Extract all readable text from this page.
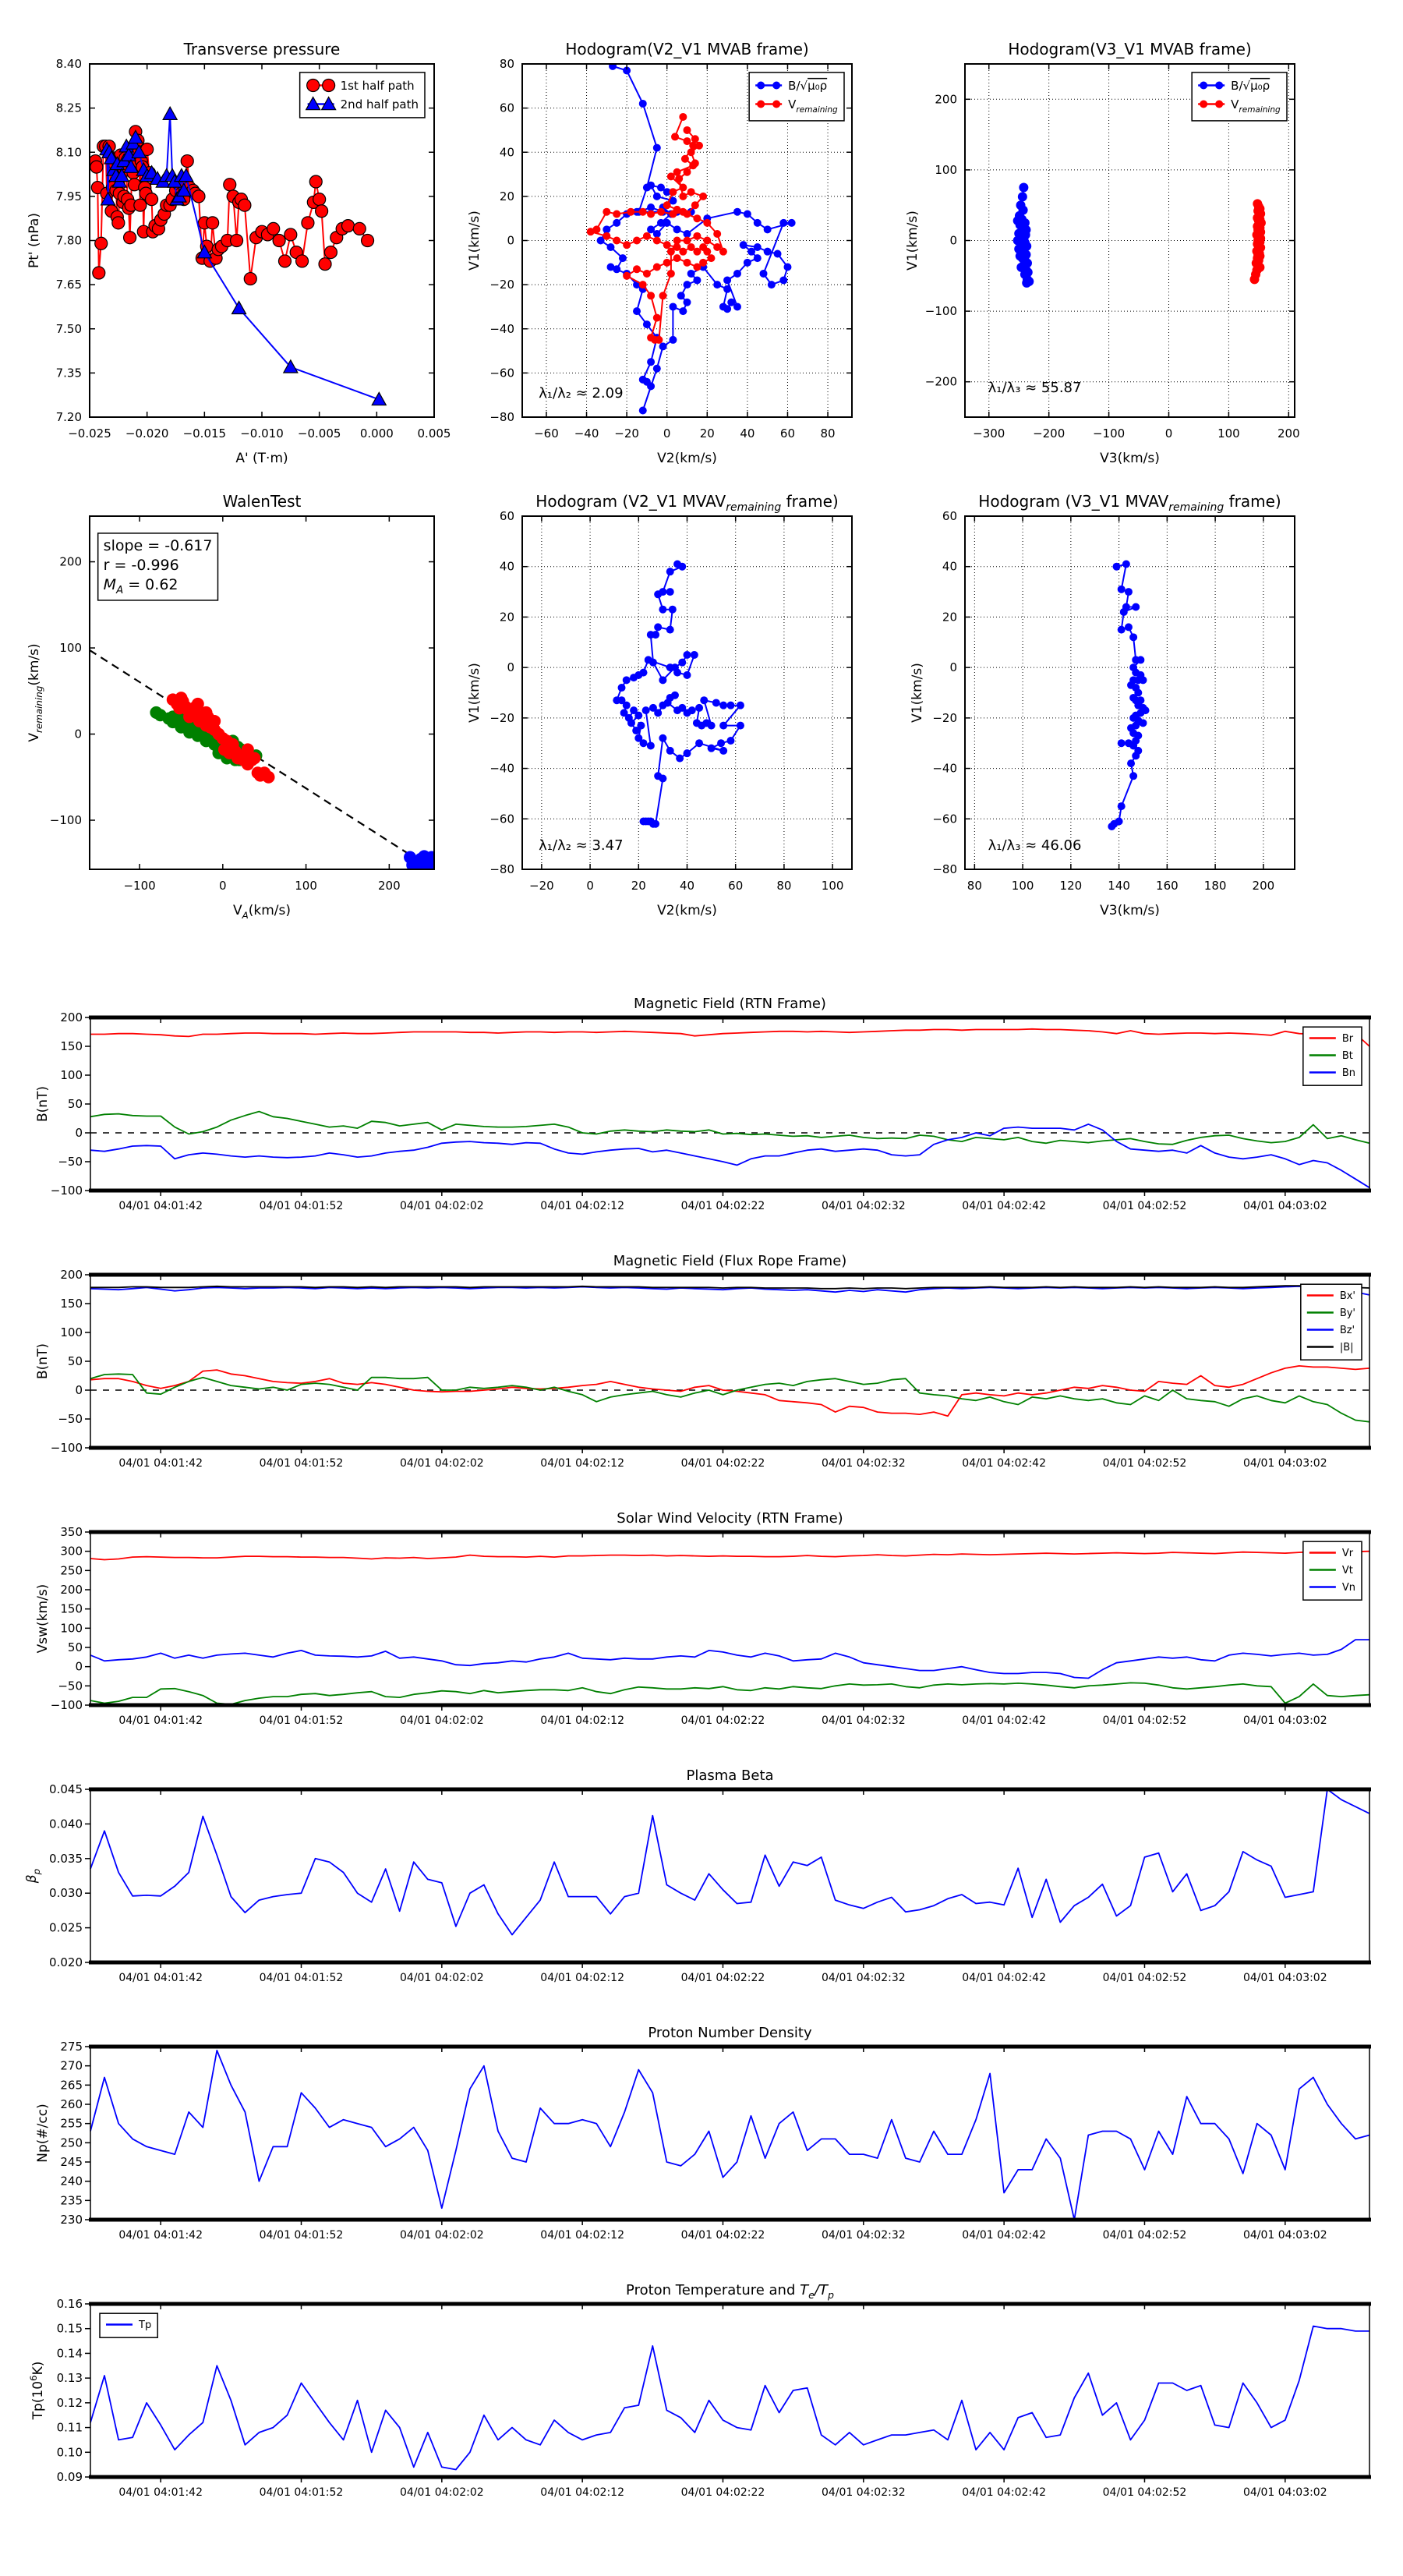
−0.025 −0.020 −0.015 −0.010 −0.005 0.000 0.005
7.20
7.35
7.50
7.65
7.80
7.95
8.10
8.25
8.40
Transverse pressure
A' (T·m)
Pt' (nPa)
1st half path
2nd half path
−60 −40 −20 0 20 40 60 80
−80
−60
−40
−20
0
20
40
60
80
Hodogram(V2_V1 MVAB frame)
V2(km/s)
V1(km/s)
B/√μ₀ρ
$V_{remaining}$
λ₁/λ₂ ≈ 2.09
−300 −200 −100	0	100	200
−200
−100
0
100
200
Hodogram(V3_V1 MVAB frame)
V3(km/s)
V1(km/s)
B/√μ₀ρ
$V_{remaining}$
λ₁/λ₃ ≈ 55.87
−100	0	100	200
−100
0
100
200
WalenTest
$V_A(km/s)$
$V_{remaining}(km/s)$
slope = -0.617
r = -0.996
$M_A = 0.62$
−20	0	20	40	60	80	100
−80
−60
−40
−20
0
20
40
60
Hodogram (V2_V1 $MVAV_{remaining}$ frame)
V2(km/s)
V1(km/s)
λ₁/λ₂ ≈ 3.47
80	100 120 140 160 180 200
−80
−60
−40
−20
0
20
40
60
Hodogram (V3_V1 $MVAV_{remaining}$ frame)
V3(km/s)
V1(km/s)
λ₁/λ₃ ≈ 46.06
04/01 04:01:42	04/01 04:01:52	04/01 04:02:02	04/01 04:02:12	04/01 04:02:22	04/01 04:02:32	04/01 04:02:42	04/01 04:02:52	04/01 04:03:02
−100
−50
0
50
100
150
200
Magnetic Field (RTN Frame)
B(nT)
Br
Bt
Bn
04/01 04:01:42	04/01 04:01:52	04/01 04:02:02	04/01 04:02:12	04/01 04:02:22	04/01 04:02:32	04/01 04:02:42	04/01 04:02:52	04/01 04:03:02
−100
−50
0
50
100
150
200
Magnetic Field (Flux Rope Frame)
B(nT)
Bx'
By'
Bz'
|B|
04/01 04:01:42	04/01 04:01:52	04/01 04:02:02	04/01 04:02:12	04/01 04:02:22	04/01 04:02:32	04/01 04:02:42	04/01 04:02:52	04/01 04:03:02
−100
−50
0
50
100
150
200
250
300
350
Solar Wind Velocity (RTN Frame)
Vsw(km/s)
Vr
Vt
Vn
04/01 04:01:42	04/01 04:01:52	04/01 04:02:02	04/01 04:02:12	04/01 04:02:22	04/01 04:02:32	04/01 04:02:42	04/01 04:02:52	04/01 04:03:02
0.020
0.025
0.030
0.035
0.040
0.045
Plasma Beta
$\beta_p$
04/01 04:01:42	04/01 04:01:52	04/01 04:02:02	04/01 04:02:12	04/01 04:02:22	04/01 04:02:32	04/01 04:02:42	04/01 04:02:52	04/01 04:03:02
230
235
240
245
250
255
260
265
270
275
Proton Number Density
Np(#/cc)
04/01 04:01:42	04/01 04:01:52	04/01 04:02:02	04/01 04:02:12	04/01 04:02:22	04/01 04:02:32	04/01 04:02:42	04/01 04:02:52	04/01 04:03:02
0.09
0.10
0.11
0.12
0.13
0.14
0.15
0.16
Proton Temperature and $T_e/T_p$
$Tp(10^6K)$
Tp
